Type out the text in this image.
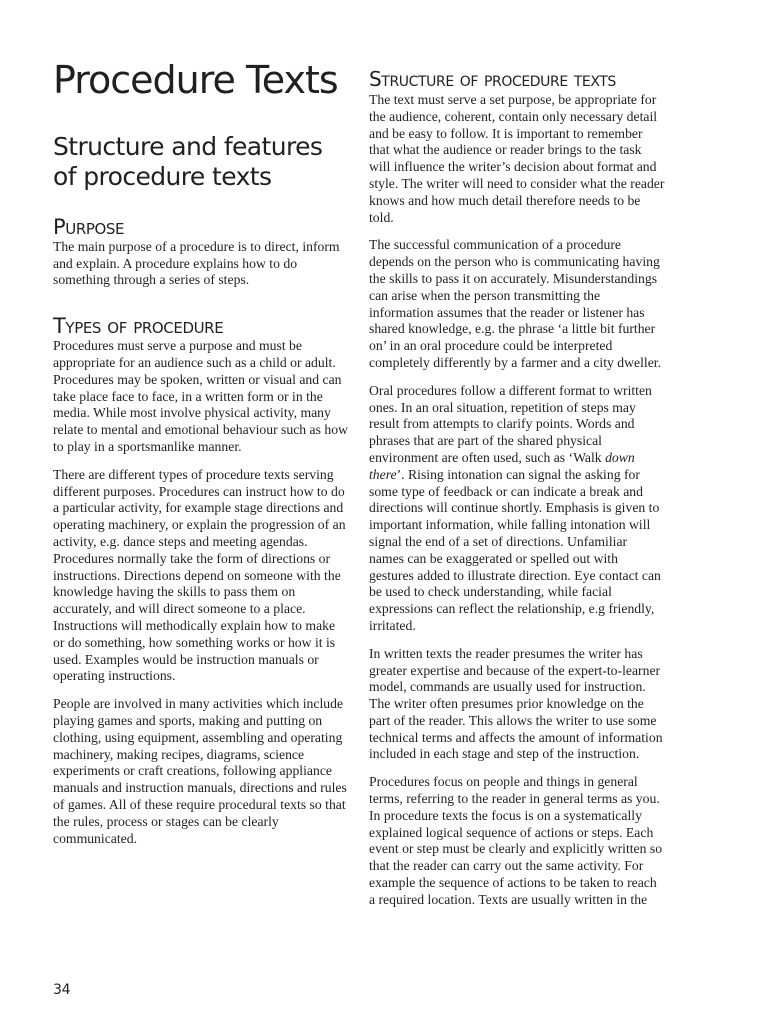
Procedure Texts
Structure and features of procedure texts
Purpose

The main purpose of a procedure is to direct, inform and explain. A procedure explains how to do something through a series of steps.

Types of procedure

Procedures must serve a purpose and must be appropriate for an audience such as a child or adult. Procedures may be spoken, written or visual and can take place face to face, in a written form or in the media. While most involve physical activity, many relate to mental and emotional behaviour such as how to play in a sportsmanlike manner.

There are different types of procedure texts serving different purposes. Procedures can instruct how to do a particular activity, for example stage directions and operating machinery, or explain the progression of an activity, e.g. dance steps and meeting agendas. Procedures normally take the form of directions or instructions. Directions depend on someone with the knowledge having the skills to pass them on accurately, and will direct someone to a place. Instructions will methodically explain how to make or do something, how something works or how it is used. Examples would be instruction manuals or operating instructions.

People are involved in many activities which include playing games and sports, making and putting on clothing, using equipment, assembling and operating machinery, making recipes, diagrams, science experiments or craft creations, following appliance manuals and instruction manuals, directions and rules of games. All of these require procedural texts so that the rules, process or stages can be clearly communicated.

Structure of procedure texts

The text must serve a set purpose, be appropriate for the audience, coherent, contain only necessary detail and be easy to follow. It is important to remember that what the audience or reader brings to the task will influence the writer’s decision about format and style. The writer will need to consider what the reader knows and how much detail therefore needs to be told.

The successful communication of a procedure depends on the person who is communicating having the skills to pass it on accurately. Misunderstandings can arise when the person transmitting the information assumes that the reader or listener has shared knowledge, e.g. the phrase ‘a little bit further on’ in an oral procedure could be interpreted completely differently by a farmer and a city dweller.

Oral procedures follow a different format to written ones. In an oral situation, repetition of steps may result from attempts to clarify points. Words and phrases that are part of the shared physical environment are often used, such as ‘Walk down there’. Rising intonation can signal the asking for some type of feedback or can indicate a break and directions will continue shortly. Emphasis is given to important information, while falling intonation will signal the end of a set of directions. Unfamiliar names can be exaggerated or spelled out with gestures added to illustrate direction. Eye contact can be used to check understanding, while facial expressions can reflect the relationship, e.g friendly, irritated.

In written texts the reader presumes the writer has greater expertise and because of the expert-to-learner model, commands are usually used for instruction. The writer often presumes prior knowledge on the part of the reader. This allows the writer to use some technical terms and affects the amount of information included in each stage and step of the instruction.

Procedures focus on people and things in general terms, referring to the reader in general terms as you. In procedure texts the focus is on a systematically explained logical sequence of actions or steps. Each event or step must be clearly and explicitly written so that the reader can carry out the same activity. For example the sequence of actions to be taken to reach a required location. Texts are usually written in the

34
